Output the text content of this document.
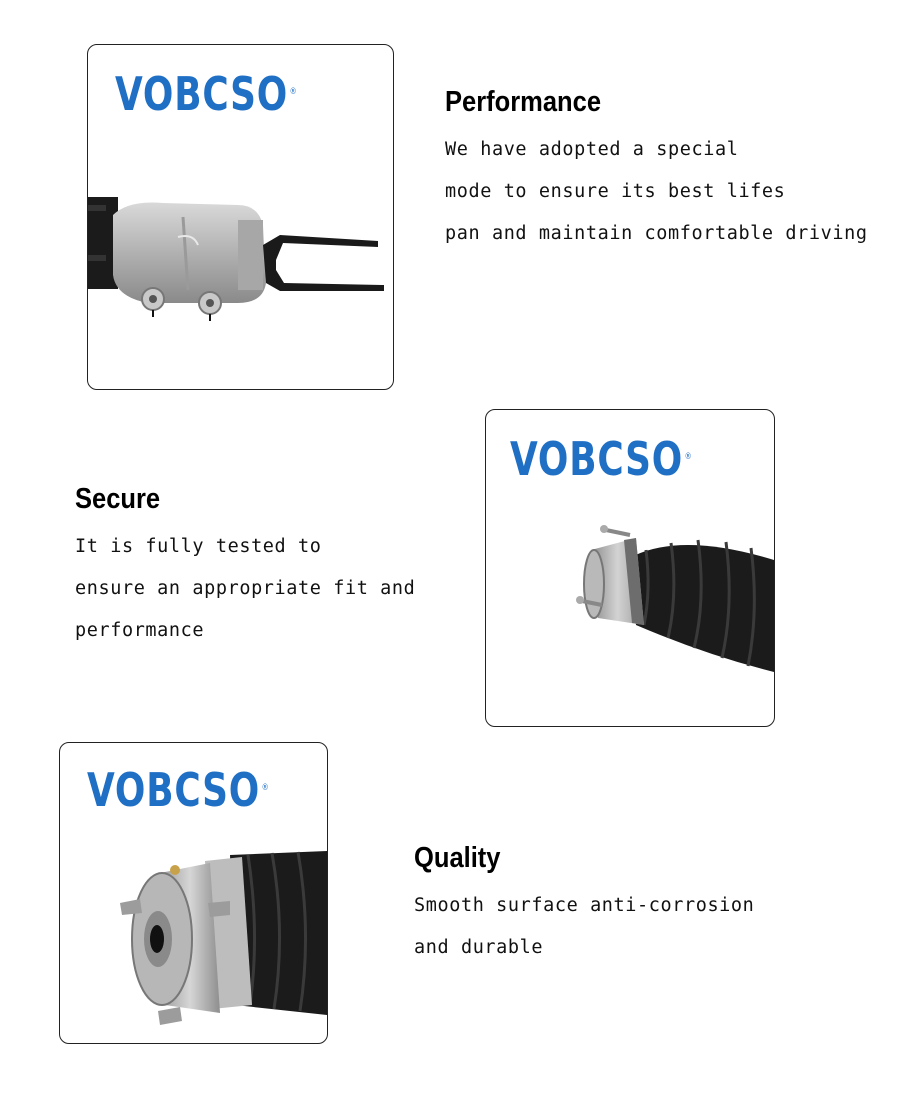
VOBCSO ®	Performance
We have adopted a special
mode to ensure its best lifes
pan and maintain comfortable driving
VOBCSO ®
Secure
It is fully tested to
ensure an appropriate fit and
performance
VOBCSO ®
Quality
Smooth surface anti-corrosion
and durable
